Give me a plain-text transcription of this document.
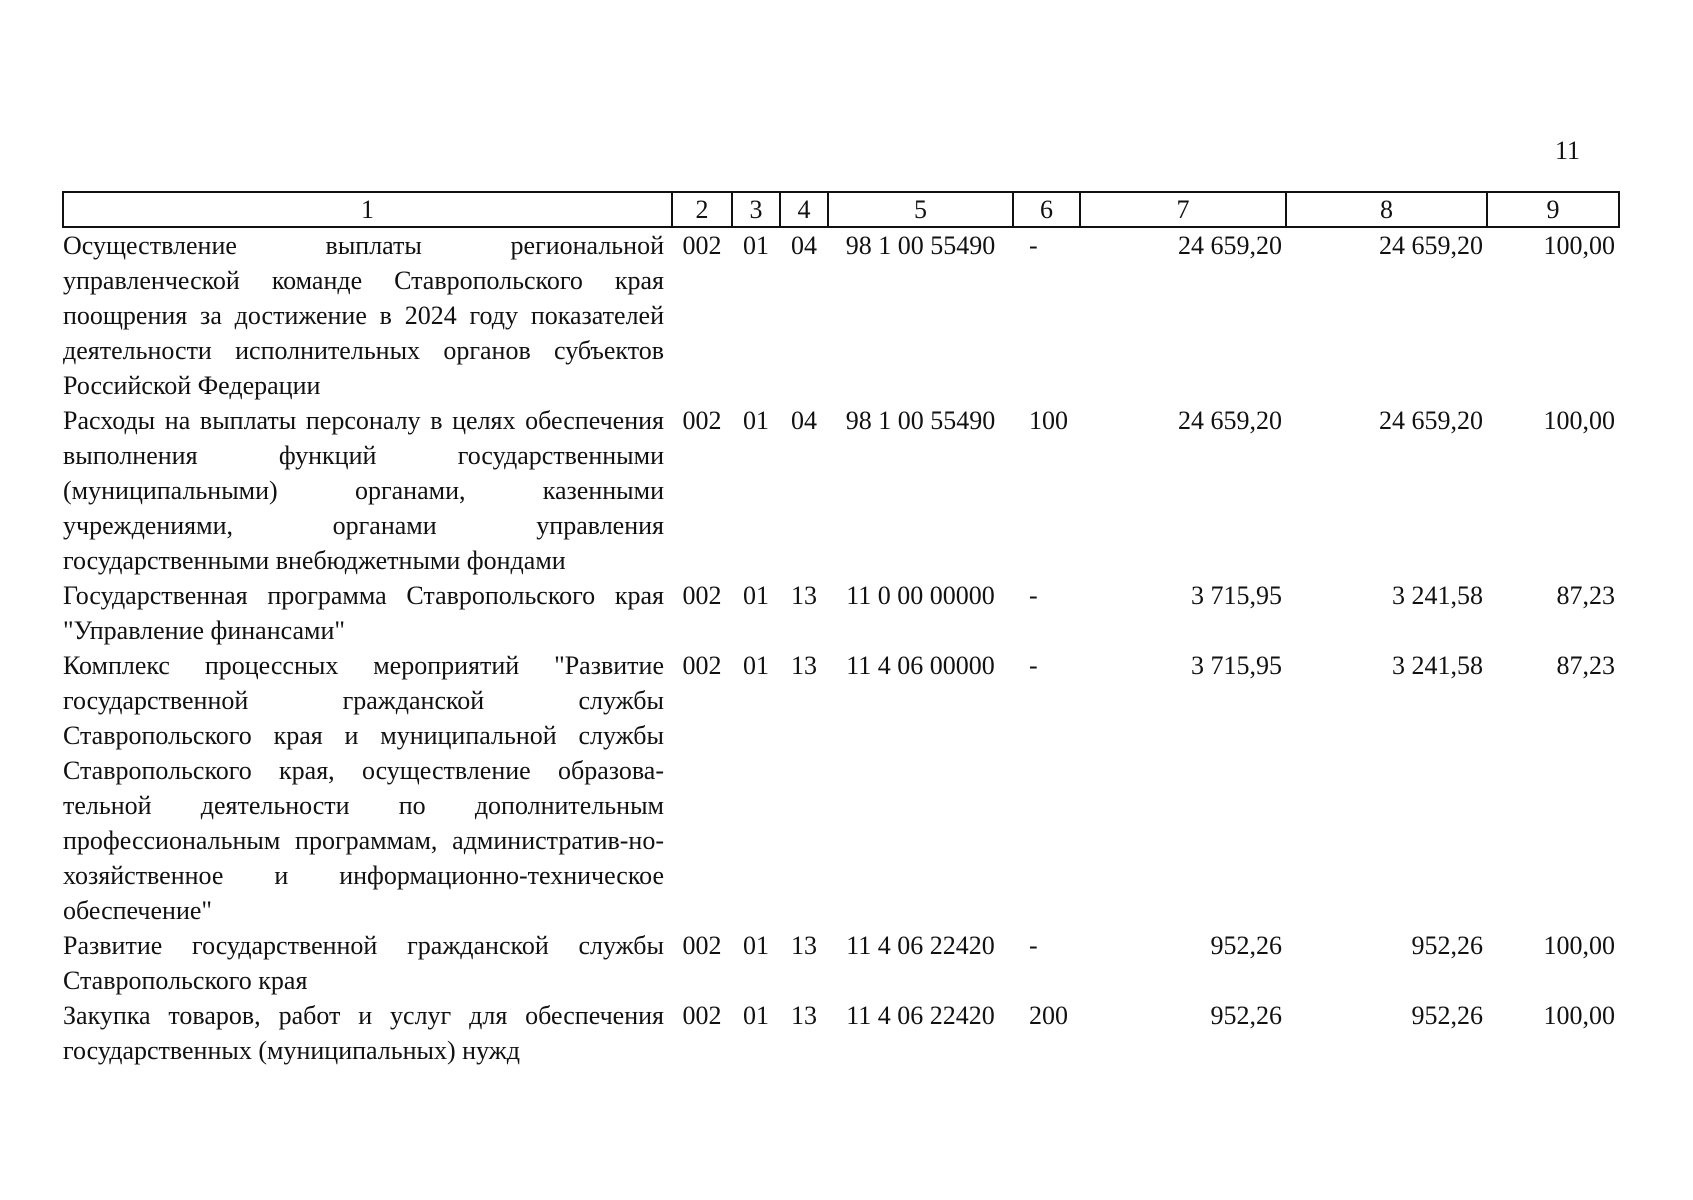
11
1	2	3	4	5	6	7	8	9
Осуществление выплаты региональной управленческой команде Ставропольского края поощрения за достижение в 2024 году показателей деятельности исполнительных органов субъектов Российской Федерации	002	01	04	98 1 00 55490	-	24 659,20	24 659,20	100,00
Расходы на выплаты персоналу в целях обеспечения выполнения функций государственными (муниципальными) органами, казенными учреждениями, органами управления государственными внебюджетными фондами	002	01	04	98 1 00 55490	100	24 659,20	24 659,20	100,00
Государственная программа Ставропольского края "Управление финансами"	002	01	13	11 0 00 00000	-	3 715,95	3 241,58	87,23
Комплекс процессных мероприятий "Развитие государственной гражданской службы Ставропольского края и муниципальной службы Ставропольского края, осуществление образова-тельной деятельности по дополнительным профессиональным программам, административ-но-хозяйственное и информационно-техническое обеспечение"	002	01	13	11 4 06 00000	-	3 715,95	3 241,58	87,23
Развитие государственной гражданской службы Ставропольского края	002	01	13	11 4 06 22420	-	952,26	952,26	100,00
Закупка товаров, работ и услуг для обеспечения государственных (муниципальных) нужд	002	01	13	11 4 06 22420	200	952,26	952,26	100,00
